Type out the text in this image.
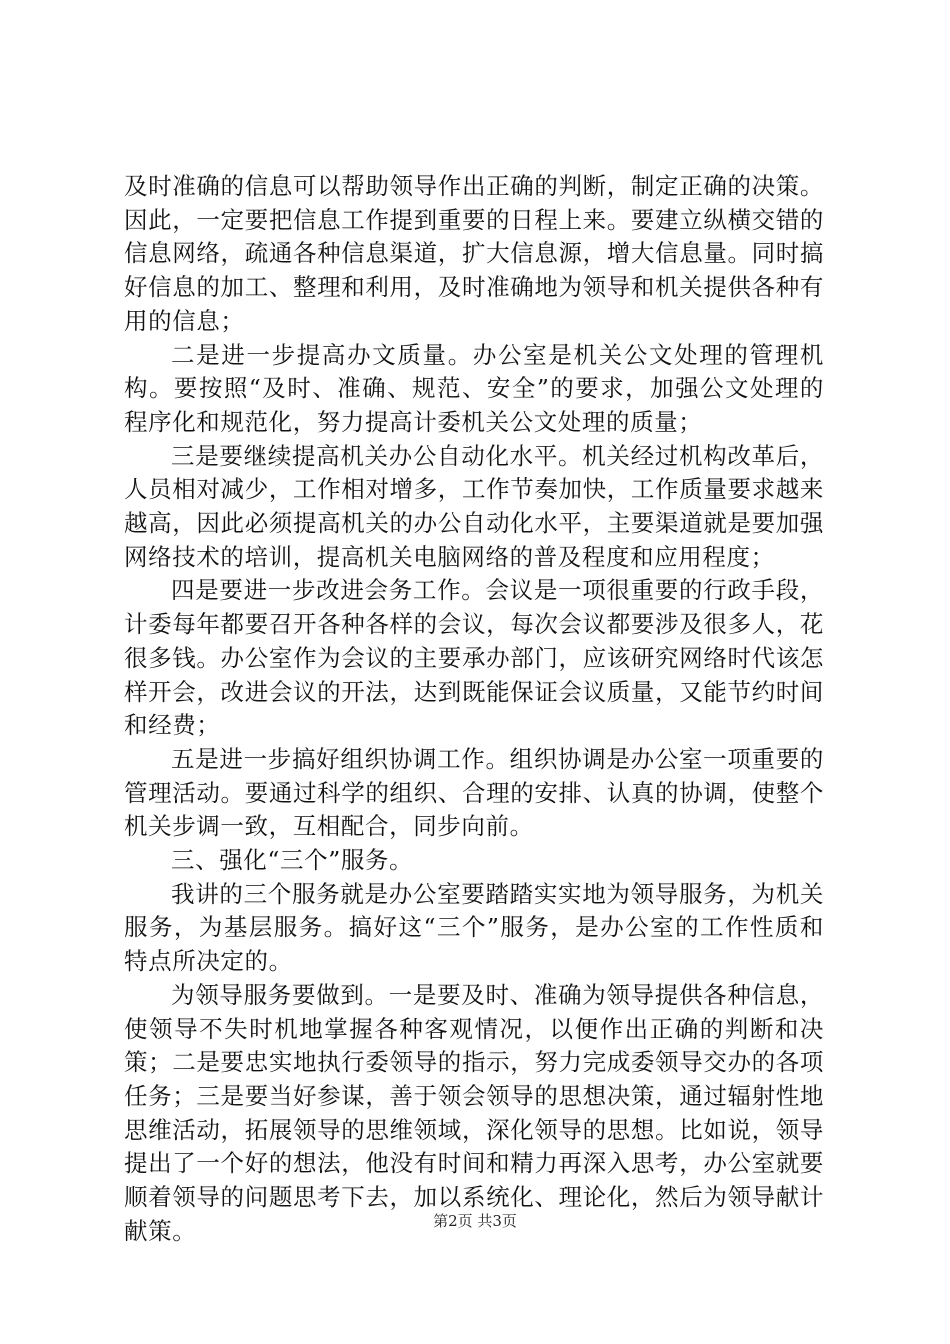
及时准确的信息可以帮助领导作出正确的判断，制定正确的决策。因此，一定要把信息工作提到重要的日程上来。要建立纵横交错的信息网络，疏通各种信息渠道，扩大信息源，增大信息量。同时搞好信息的加工、整理和利用，及时准确地为领导和机关提供各种有用的信息；

二是进一步提高办文质量。办公室是机关公文处理的管理机构。要按照“及时、准确、规范、安全”的要求，加强公文处理的程序化和规范化，努力提高计委机关公文处理的质量；

三是要继续提高机关办公自动化水平。机关经过机构改革后，人员相对减少，工作相对增多，工作节奏加快，工作质量要求越来越高，因此必须提高机关的办公自动化水平，主要渠道就是要加强网络技术的培训，提高机关电脑网络的普及程度和应用程度；

四是要进一步改进会务工作。会议是一项很重要的行政手段，计委每年都要召开各种各样的会议，每次会议都要涉及很多人，花很多钱。办公室作为会议的主要承办部门，应该研究网络时代该怎样开会，改进会议的开法，达到既能保证会议质量，又能节约时间和经费；

五是进一步搞好组织协调工作。组织协调是办公室一项重要的管理活动。要通过科学的组织、合理的安排、认真的协调，使整个机关步调一致，互相配合，同步向前。

三、强化“三个”服务。

我讲的三个服务就是办公室要踏踏实实地为领导服务，为机关服务，为基层服务。搞好这“三个”服务，是办公室的工作性质和特点所决定的。

为领导服务要做到。一是要及时、准确为领导提供各种信息，使领导不失时机地掌握各种客观情况，以便作出正确的判断和决策；二是要忠实地执行委领导的指示，努力完成委领导交办的各项任务；三是要当好参谋，善于领会领导的思想决策，通过辐射性地思维活动，拓展领导的思维领域，深化领导的思想。比如说，领导提出了一个好的想法，他没有时间和精力再深入思考，办公室就要顺着领导的问题思考下去，加以系统化、理论化，然后为领导献计献策。	第2页 共3页
